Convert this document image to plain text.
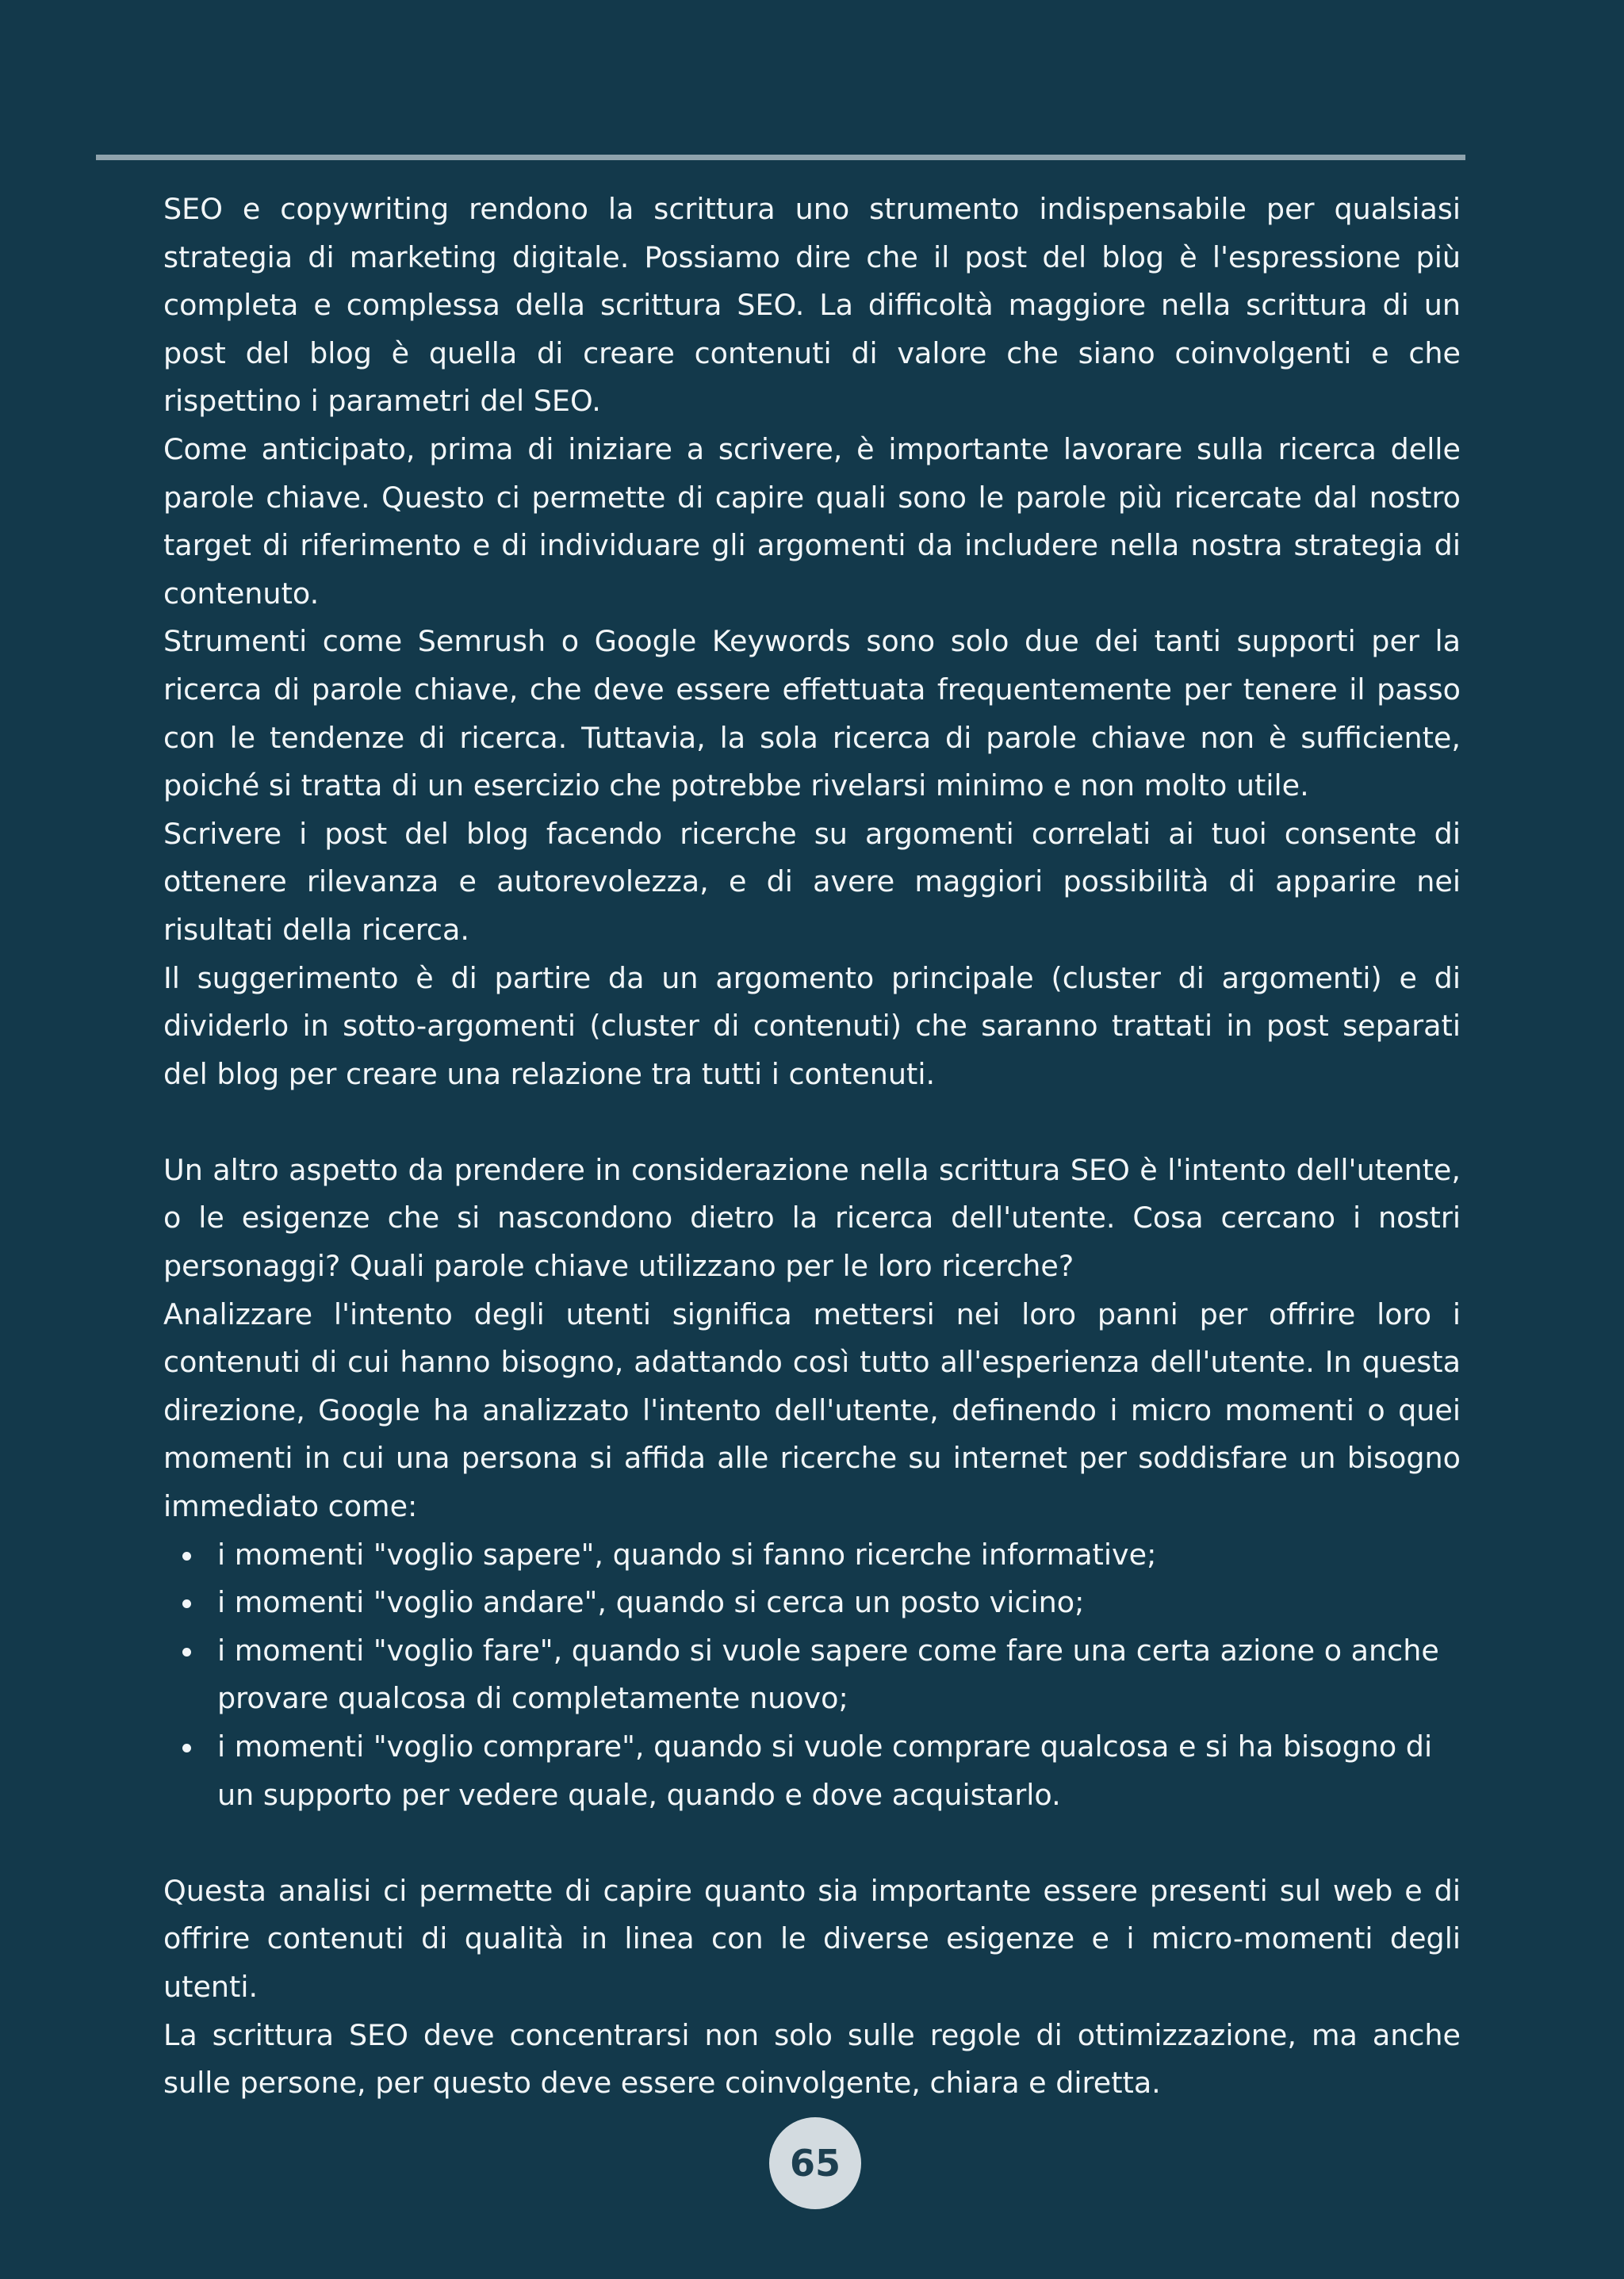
SEO e copywriting rendono la scrittura uno strumento indispensabile per qualsiasi strategia di marketing digitale. Possiamo dire che il post del blog è l'espressione più completa e complessa della scrittura SEO. La difficoltà maggiore nella scrittura di un post del blog è quella di creare contenuti di valore che siano coinvolgenti e che rispettino i parametri del SEO.

Come anticipato, prima di iniziare a scrivere, è importante lavorare sulla ricerca delle parole chiave. Questo ci permette di capire quali sono le parole più ricercate dal nostro target di riferimento e di individuare gli argomenti da includere nella nostra strategia di contenuto.

Strumenti come Semrush o Google Keywords sono solo due dei tanti supporti per la ricerca di parole chiave, che deve essere effettuata frequentemente per tenere il passo con le tendenze di ricerca. Tuttavia, la sola ricerca di parole chiave non è sufficiente, poiché si tratta di un esercizio che potrebbe rivelarsi minimo e non molto utile.

Scrivere i post del blog facendo ricerche su argomenti correlati ai tuoi consente di ottenere rilevanza e autorevolezza, e di avere maggiori possibilità di apparire nei risultati della ricerca.

Il suggerimento è di partire da un argomento principale (cluster di argomenti) e di dividerlo in sotto-argomenti (cluster di contenuti) che saranno trattati in post separati del blog per creare una relazione tra tutti i contenuti.

Un altro aspetto da prendere in considerazione nella scrittura SEO è l'intento dell'utente, o le esigenze che si nascondono dietro la ricerca dell'utente. Cosa cercano i nostri personaggi? Quali parole chiave utilizzano per le loro ricerche?

Analizzare l'intento degli utenti significa mettersi nei loro panni per offrire loro i contenuti di cui hanno bisogno, adattando così tutto all'esperienza dell'utente. In questa direzione, Google ha analizzato l'intento dell'utente, definendo i micro momenti o quei momenti in cui una persona si affida alle ricerche su internet per soddisfare un bisogno immediato come:

i momenti "voglio sapere", quando si fanno ricerche informative;
i momenti "voglio andare", quando si cerca un posto vicino;
i momenti "voglio fare", quando si vuole sapere come fare una certa azione o anche provare qualcosa di completamente nuovo;
i momenti "voglio comprare", quando si vuole comprare qualcosa e si ha bisogno di un supporto per vedere quale, quando e dove acquistarlo.

Questa analisi ci permette di capire quanto sia importante essere presenti sul web e di offrire contenuti di qualità in linea con le diverse esigenze e i micro-momenti degli utenti.

La scrittura SEO deve concentrarsi non solo sulle regole di ottimizzazione, ma anche sulle persone, per questo deve essere coinvolgente, chiara e diretta.

65
